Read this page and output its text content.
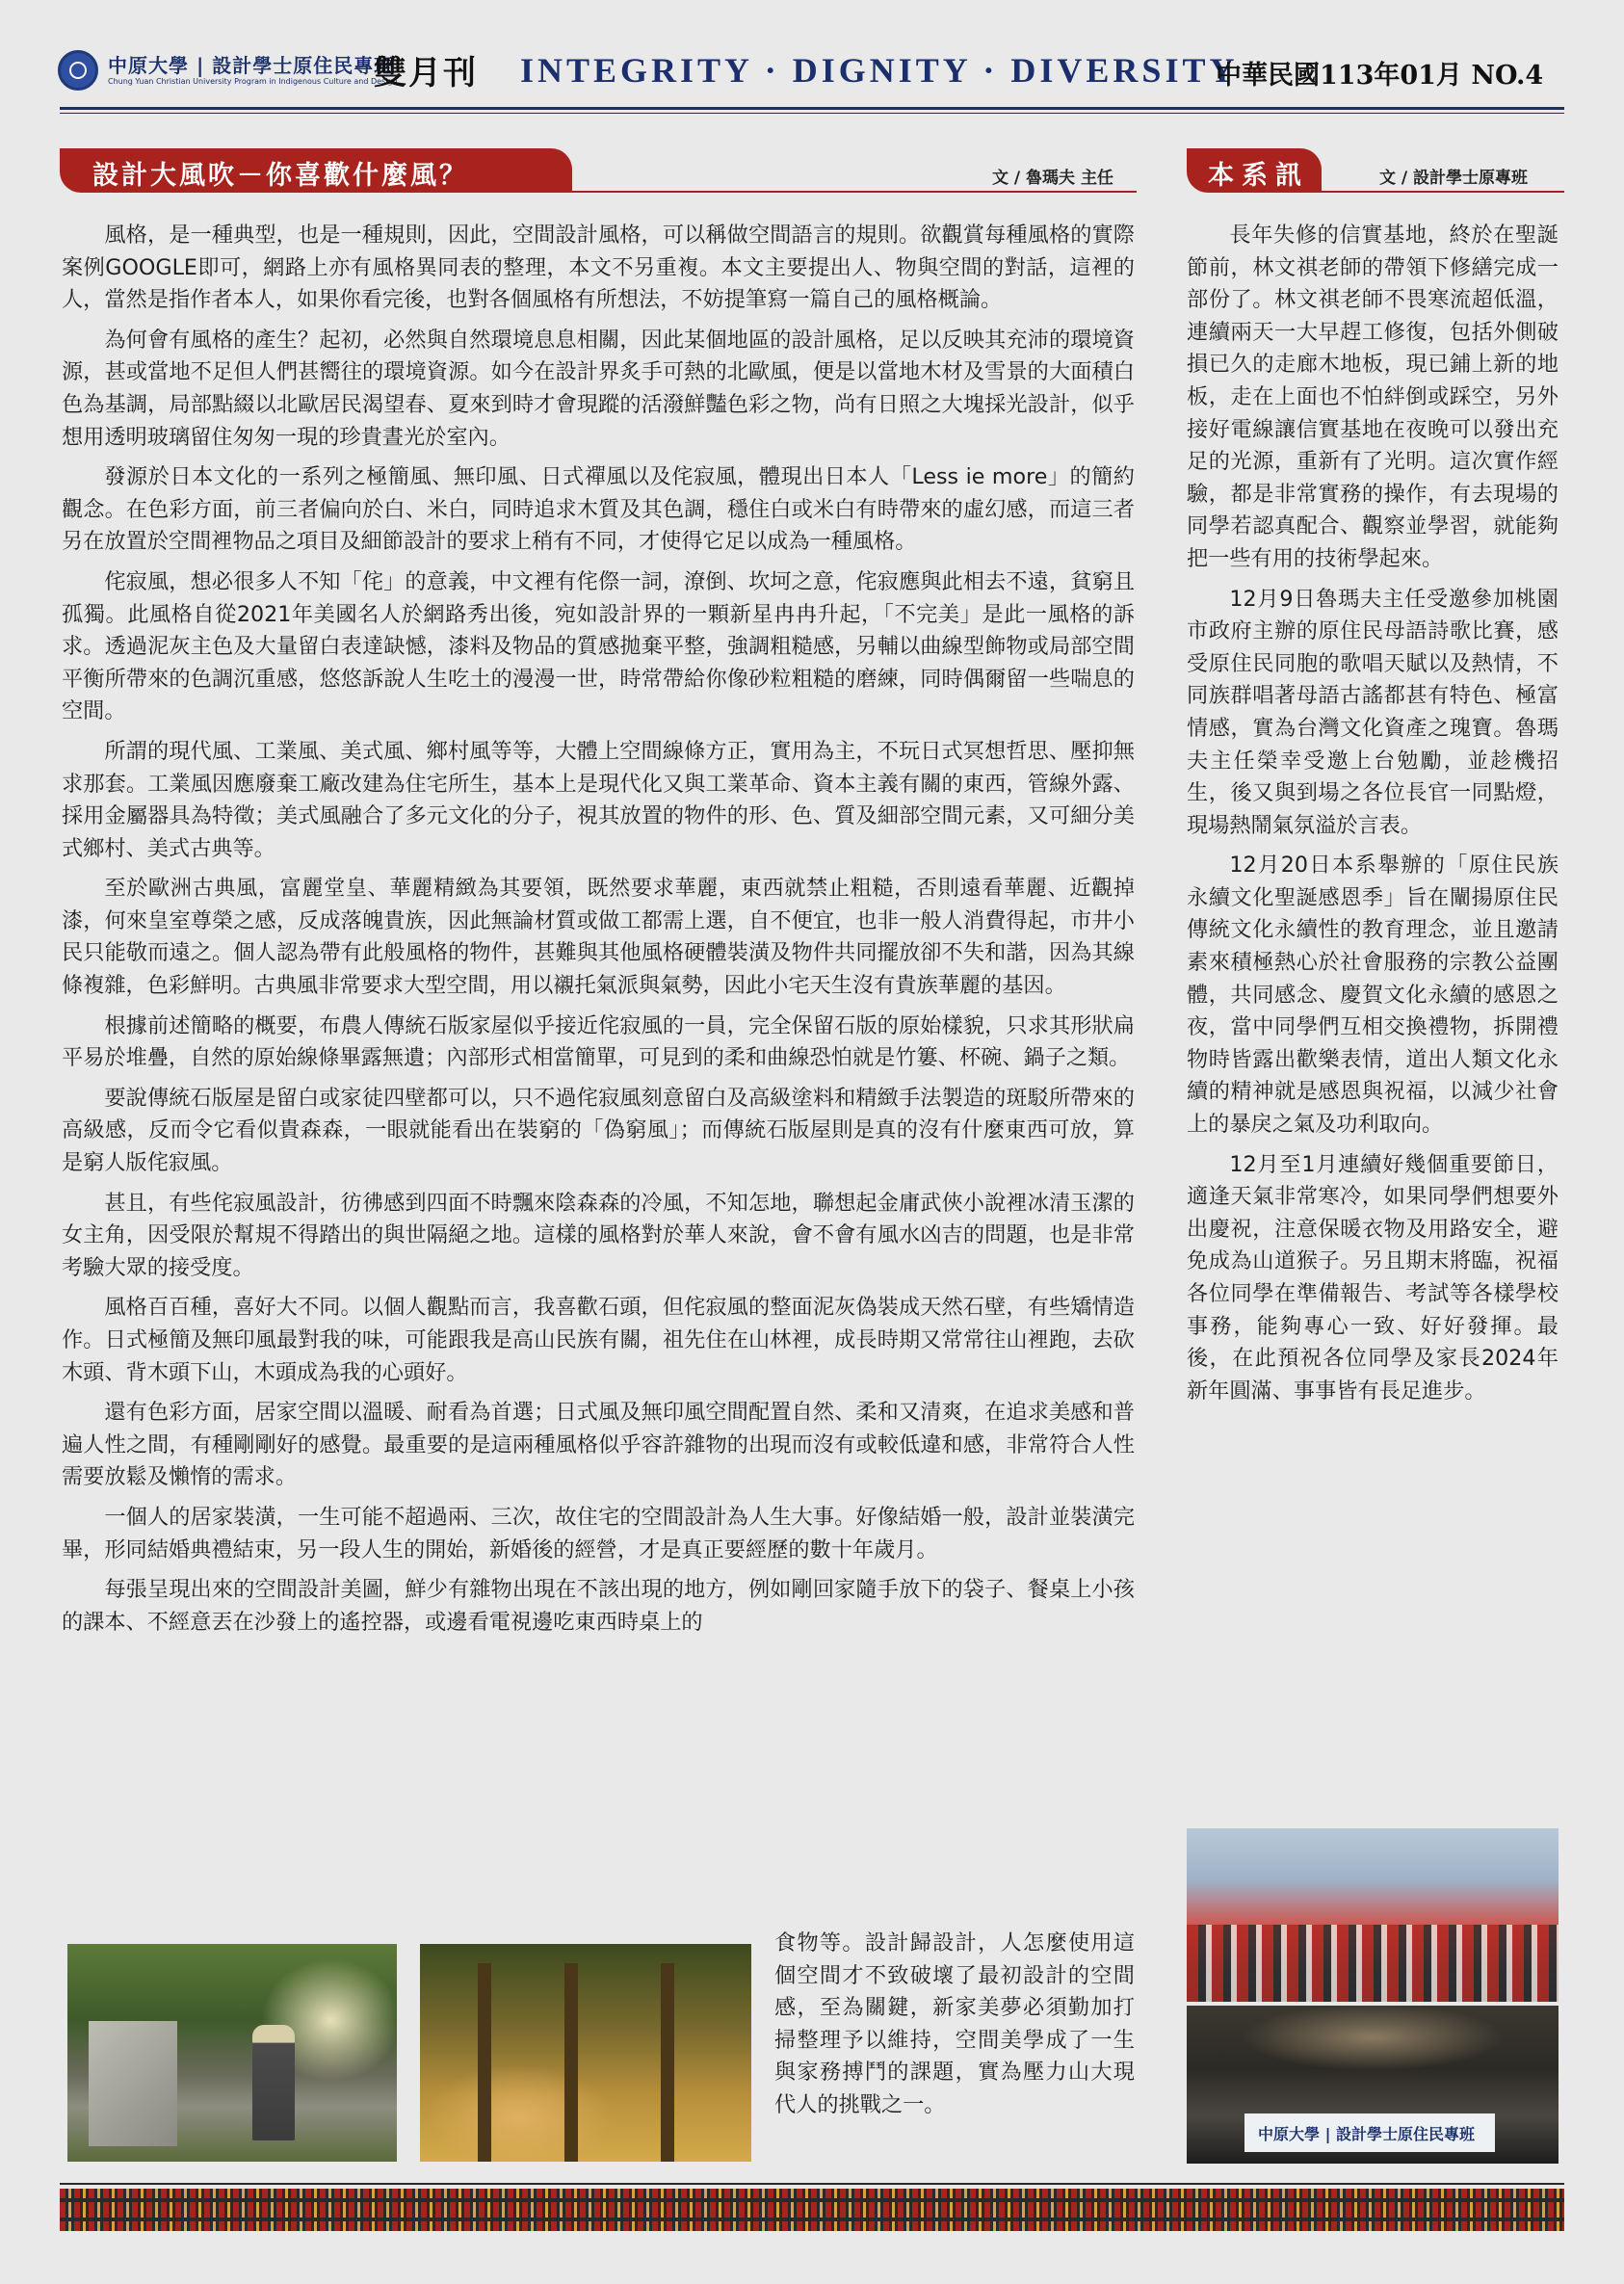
中原大學 | 設計學士原住民專班
Chung Yuan Christian University Program in Indigenous Culture and Design
雙月刊 INTEGRITY · DIGNITY · DIVERSITY
中華民國113年01月 NO.4
設計大風吹－你喜歡什麼風？	文 / 魯瑪夫 主任	本系訊	文 / 設計學士原專班

風格，是一種典型，也是一種規則，因此，空間設計風格，可以稱做空間語言的規則。欲觀賞每種風格的實際案例GOOGLE即可，網路上亦有風格異同表的整理，本文不另重複。本文主要提出人、物與空間的對話，這裡的人，當然是指作者本人，如果你看完後，也對各個風格有所想法，不妨提筆寫一篇自己的風格概論。

為何會有風格的產生？起初，必然與自然環境息息相關，因此某個地區的設計風格，足以反映其充沛的環境資源，甚或當地不足但人們甚嚮往的環境資源。如今在設計界炙手可熱的北歐風，便是以當地木材及雪景的大面積白色為基調，局部點綴以北歐居民渴望春、夏來到時才會現蹤的活潑鮮豔色彩之物，尚有日照之大塊採光設計，似乎想用透明玻璃留住匆匆一現的珍貴晝光於室內。

發源於日本文化的一系列之極簡風、無印風、日式禪風以及侘寂風，體現出日本人「Less ie more」的簡約觀念。在色彩方面，前三者偏向於白、米白，同時追求木質及其色調，穩住白或米白有時帶來的虛幻感，而這三者另在放置於空間裡物品之項目及細節設計的要求上稍有不同，才使得它足以成為一種風格。

侘寂風，想必很多人不知「侘」的意義，中文裡有侘傺一詞，潦倒、坎坷之意，侘寂應與此相去不遠，貧窮且孤獨。此風格自從2021年美國名人於網路秀出後，宛如設計界的一顆新星冉冉升起，「不完美」是此一風格的訴求。透過泥灰主色及大量留白表達缺憾，漆料及物品的質感拋棄平整，強調粗糙感，另輔以曲線型飾物或局部空間平衡所帶來的色調沉重感，悠悠訴說人生吃土的漫漫一世，時常帶給你像砂粒粗糙的磨練，同時偶爾留一些喘息的空間。

所謂的現代風、工業風、美式風、鄉村風等等，大體上空間線條方正，實用為主，不玩日式冥想哲思、壓抑無求那套。工業風因應廢棄工廠改建為住宅所生，基本上是現代化又與工業革命、資本主義有關的東西，管線外露、採用金屬器具為特徵；美式風融合了多元文化的分子，視其放置的物件的形、色、質及細部空間元素，又可細分美式鄉村、美式古典等。

至於歐洲古典風，富麗堂皇、華麗精緻為其要領，既然要求華麗，東西就禁止粗糙，否則遠看華麗、近觀掉漆，何來皇室尊榮之感，反成落魄貴族，因此無論材質或做工都需上選，自不便宜，也非一般人消費得起，市井小民只能敬而遠之。個人認為帶有此般風格的物件，甚難與其他風格硬體裝潢及物件共同擺放卻不失和諧，因為其線條複雜，色彩鮮明。古典風非常要求大型空間，用以襯托氣派與氣勢，因此小宅天生沒有貴族華麗的基因。

根據前述簡略的概要，布農人傳統石版家屋似乎接近侘寂風的一員，完全保留石版的原始樣貌，只求其形狀扁平易於堆疊，自然的原始線條畢露無遺；內部形式相當簡單，可見到的柔和曲線恐怕就是竹簍、杯碗、鍋子之類。

要說傳統石版屋是留白或家徒四壁都可以，只不過侘寂風刻意留白及高級塗料和精緻手法製造的斑駁所帶來的高級感，反而令它看似貴森森，一眼就能看出在裝窮的「偽窮風」；而傳統石版屋則是真的沒有什麼東西可放，算是窮人版侘寂風。

甚且，有些侘寂風設計，彷彿感到四面不時飄來陰森森的冷風，不知怎地，聯想起金庸武俠小說裡冰清玉潔的女主角，因受限於幫規不得踏出的與世隔絕之地。這樣的風格對於華人來說，會不會有風水凶吉的問題，也是非常考驗大眾的接受度。

風格百百種，喜好大不同。以個人觀點而言，我喜歡石頭，但侘寂風的整面泥灰偽裝成天然石壁，有些矯情造作。日式極簡及無印風最對我的味，可能跟我是高山民族有關，祖先住在山林裡，成長時期又常常往山裡跑，去砍木頭、背木頭下山，木頭成為我的心頭好。

還有色彩方面，居家空間以溫暖、耐看為首選；日式風及無印風空間配置自然、柔和又清爽，在追求美感和普遍人性之間，有種剛剛好的感覺。最重要的是這兩種風格似乎容許雜物的出現而沒有或較低違和感，非常符合人性需要放鬆及懶惰的需求。

一個人的居家裝潢，一生可能不超過兩、三次，故住宅的空間設計為人生大事。好像結婚一般，設計並裝潢完畢，形同結婚典禮結束，另一段人生的開始，新婚後的經營，才是真正要經歷的數十年歲月。

每張呈現出來的空間設計美圖，鮮少有雜物出現在不該出現的地方，例如剛回家隨手放下的袋子、餐桌上小孩的課本、不經意丟在沙發上的遙控器，或邊看電視邊吃東西時桌上的

食物等。設計歸設計，人怎麼使用這個空間才不致破壞了最初設計的空間感，至為關鍵，新家美夢必須勤加打掃整理予以維持，空間美學成了一生與家務搏鬥的課題，實為壓力山大現代人的挑戰之一。

長年失修的信實基地，終於在聖誕節前，林文祺老師的帶領下修繕完成一部份了。林文祺老師不畏寒流超低溫，連續兩天一大早趕工修復，包括外側破損已久的走廊木地板，現已鋪上新的地板，走在上面也不怕絆倒或踩空，另外接好電線讓信實基地在夜晚可以發出充足的光源，重新有了光明。這次實作經驗，都是非常實務的操作，有去現場的同學若認真配合、觀察並學習，就能夠把一些有用的技術學起來。

12月9日魯瑪夫主任受邀參加桃園市政府主辦的原住民母語詩歌比賽，感受原住民同胞的歌唱天賦以及熱情，不同族群唱著母語古謠都甚有特色、極富情感，實為台灣文化資產之瑰寶。魯瑪夫主任榮幸受邀上台勉勵，並趁機招生，後又與到場之各位長官一同點燈，現場熱鬧氣氛溢於言表。

12月20日本系舉辦的「原住民族永續文化聖誕感恩季」旨在闡揚原住民傳統文化永續性的教育理念，並且邀請素來積極熱心於社會服務的宗教公益團體，共同感念、慶賀文化永續的感恩之夜，當中同學們互相交換禮物，拆開禮物時皆露出歡樂表情，道出人類文化永續的精神就是感恩與祝福，以減少社會上的暴戾之氣及功利取向。

12月至1月連續好幾個重要節日，適逢天氣非常寒冷，如果同學們想要外出慶祝，注意保暖衣物及用路安全，避免成為山道猴子。另且期末將臨，祝福各位同學在準備報告、考試等各樣學校事務，能夠專心一致、好好發揮。最後，在此預祝各位同學及家長2024年新年圓滿、事事皆有長足進步。

中原大學 | 設計學士原住民專班
